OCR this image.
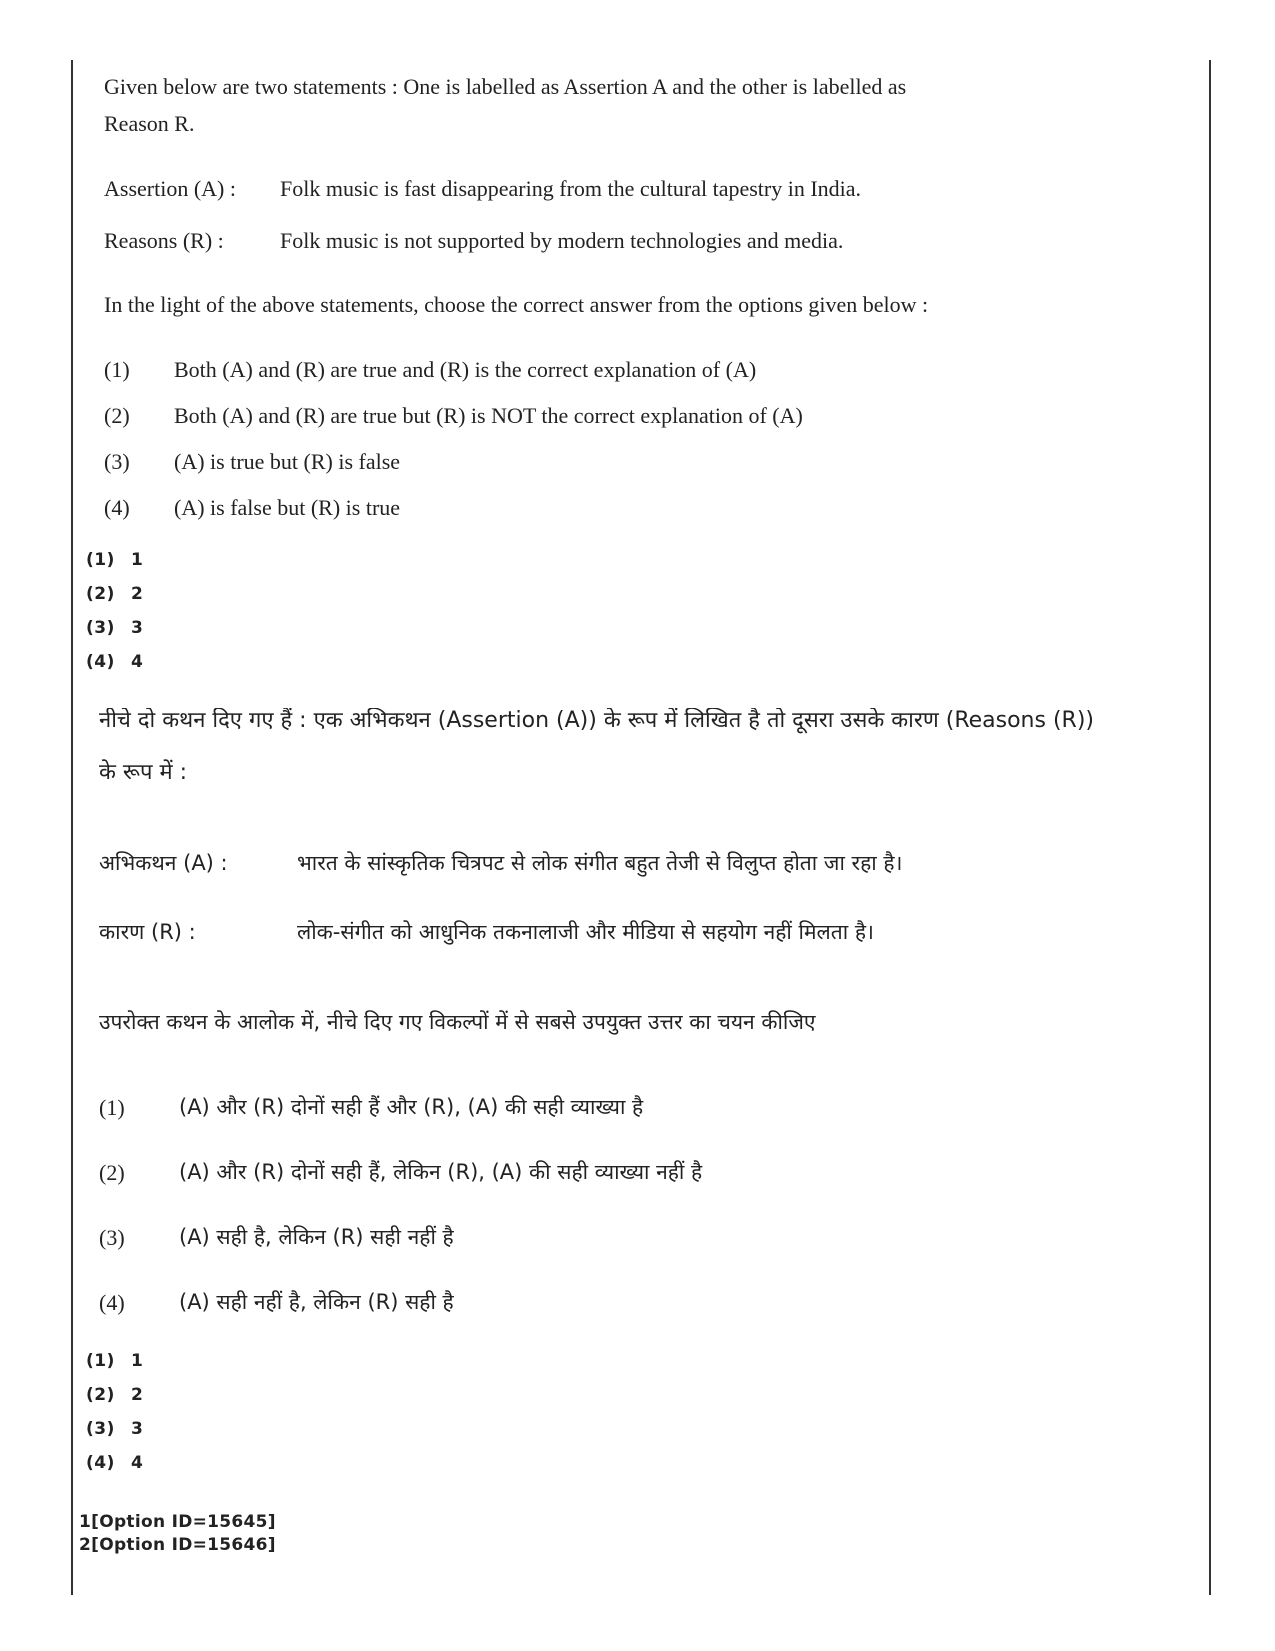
Given below are two statements : One is labelled as Assertion A and the other is labelled as
Reason R.
Assertion (A) : Folk music is fast disappearing from the cultural tapestry in India.
Reasons (R) :	Folk music is not supported by modern technologies and media.
In the light of the above statements, choose the correct answer from the options given below :
(1) Both (A) and (R) are true and (R) is the correct explanation of (A)
(2) Both (A) and (R) are true but (R) is NOT the correct explanation of (A)
(3) (A) is true but (R) is false
(4) (A) is false but (R) is true
(1) 1
(2) 2
(3) 3
(4) 4
नीचे दो कथन दिए गए हैं : एक अभिकथन (Assertion (A)) के रूप में लिखित है तो दूसरा उसके कारण (Reasons (R))
के रूप में :
अभिकथन (A) :	भारत के सांस्कृतिक चित्रपट से लोक संगीत बहुत तेजी से विलुप्त होता जा रहा है।
कारण (R) :	लोक-संगीत को आधुनिक तकनालाजी और मीडिया से सहयोग नहीं मिलता है।
उपरोक्त कथन के आलोक में, नीचे दिए गए विकल्पों में से सबसे उपयुक्त उत्तर का चयन कीजिए
(1)	(A) और (R) दोनों सही हैं और (R), (A) की सही व्याख्या है
(2)	(A) और (R) दोनों सही हैं, लेकिन (R), (A) की सही व्याख्या नहीं है
(3)	(A) सही है, लेकिन (R) सही नहीं है
(4)	(A) सही नहीं है, लेकिन (R) सही है
(1) 1
(2) 2
(3) 3
(4) 4
1[Option ID=15645]
2[Option ID=15646]
